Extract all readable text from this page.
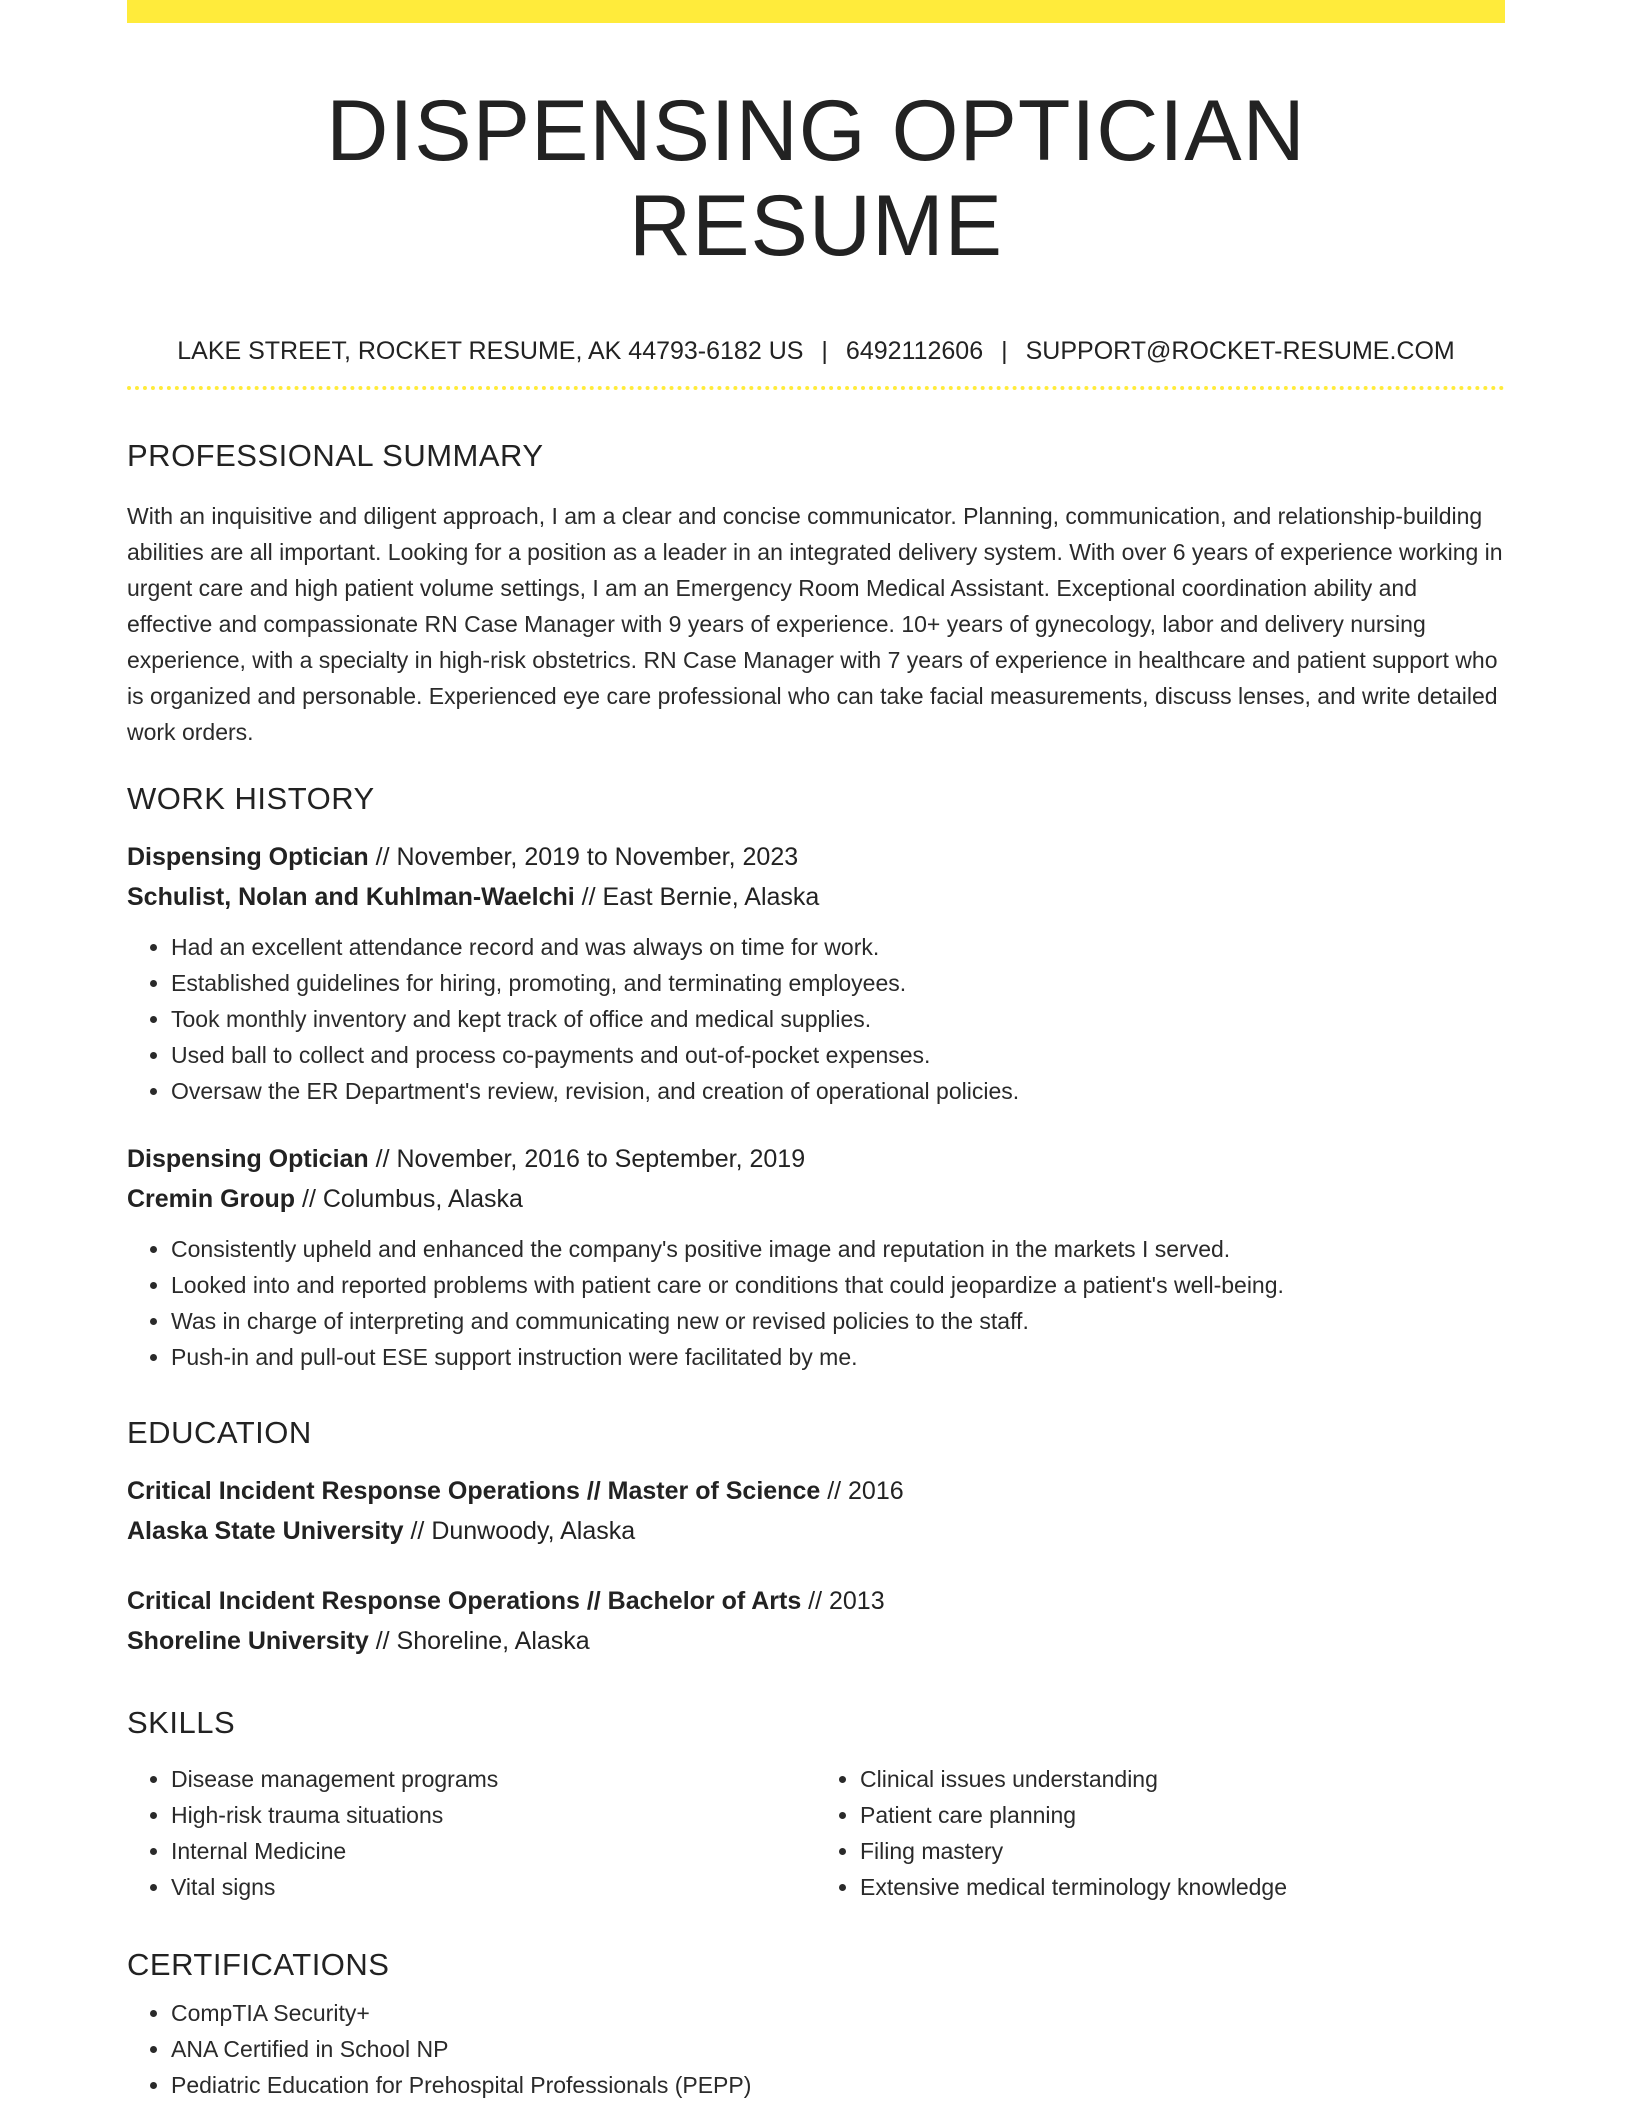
DISPENSING OPTICIAN RESUME
LAKE STREET, ROCKET RESUME, AK 44793-6182 US | 6492112606 | SUPPORT@ROCKET-RESUME.COM
PROFESSIONAL SUMMARY
With an inquisitive and diligent approach, I am a clear and concise communicator. Planning, communication, and relationship-building abilities are all important. Looking for a position as a leader in an integrated delivery system. With over 6 years of experience working in urgent care and high patient volume settings, I am an Emergency Room Medical Assistant. Exceptional coordination ability and effective and compassionate RN Case Manager with 9 years of experience. 10+ years of gynecology, labor and delivery nursing experience, with a specialty in high-risk obstetrics. RN Case Manager with 7 years of experience in healthcare and patient support who is organized and personable. Experienced eye care professional who can take facial measurements, discuss lenses, and write detailed work orders.
WORK HISTORY
Dispensing Optician // November, 2019 to November, 2023
Schulist, Nolan and Kuhlman-Waelchi // East Bernie, Alaska
• Had an excellent attendance record and was always on time for work.
• Established guidelines for hiring, promoting, and terminating employees.
• Took monthly inventory and kept track of office and medical supplies.
• Used ball to collect and process co-payments and out-of-pocket expenses.
• Oversaw the ER Department's review, revision, and creation of operational policies.
Dispensing Optician // November, 2016 to September, 2019
Cremin Group // Columbus, Alaska
• Consistently upheld and enhanced the company's positive image and reputation in the markets I served.
• Looked into and reported problems with patient care or conditions that could jeopardize a patient's well-being.
• Was in charge of interpreting and communicating new or revised policies to the staff.
• Push-in and pull-out ESE support instruction were facilitated by me.
EDUCATION
Critical Incident Response Operations // Master of Science // 2016
Alaska State University // Dunwoody, Alaska
Critical Incident Response Operations // Bachelor of Arts // 2013
Shoreline University // Shoreline, Alaska
SKILLS
• Disease management programs
• High-risk trauma situations
• Internal Medicine
• Vital signs
• Clinical issues understanding
• Patient care planning
• Filing mastery
• Extensive medical terminology knowledge
CERTIFICATIONS
• CompTIA Security+
• ANA Certified in School NP
• Pediatric Education for Prehospital Professionals (PEPP)
